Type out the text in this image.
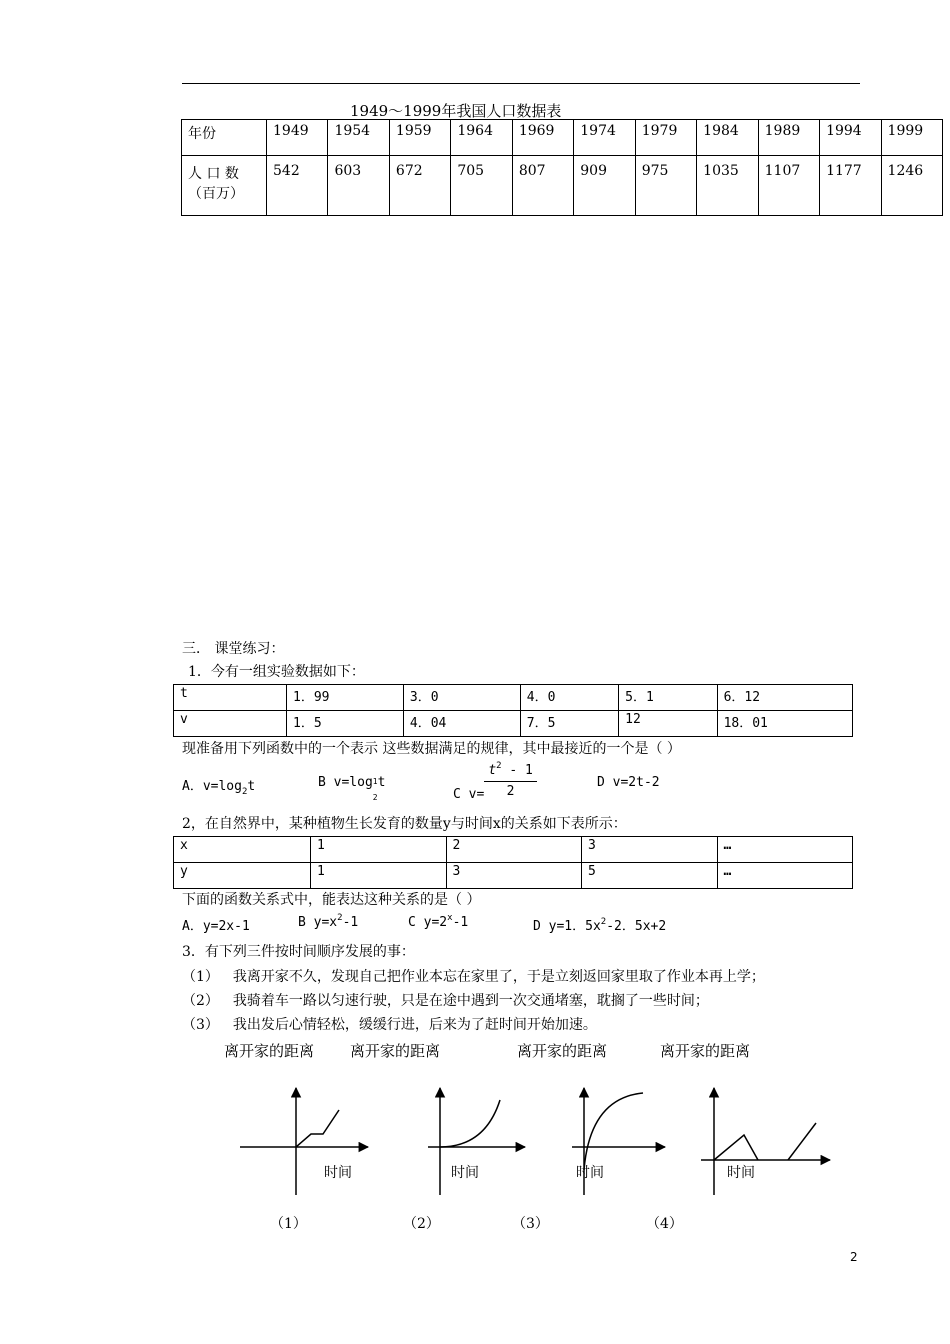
1949～1999年我国人口数据表
年份	1949	1954	1959	1964	1969	1974	1979	1984	1989	1994	1999
人 口 数
（百万）	542	603	672	705	807	909	975	1035	1107	1177	1246
三． 课堂练习：
1．今有一组实验数据如下：
t	1．99	3．0	4．0	5．1	6．12
v	1．5	4．04	7．5	12	18．01
现准备用下列函数中的一个表示 这些数据满足的规律，其中最接近的一个是（ ）
A．$v=\log_2t$	B v=log1
2t
C $v= \frac{t^2 - 1}{2}$	D v=2t-2
2，在自然界中，某种植物生长发育的数量y与时间x的关系如下表所示：
x	1	2	3	…
y	1	3	5	…
下面的函数关系式中，能表达这种关系的是（ ）
A．y=2x-1	B $y=x^2-1$	C $y=2^x-1$	D y=1．$5x^2-2$．5x+2
3．有下列三件按时间顺序发展的事：
（1） 我离开家不久，发现自己把作业本忘在家里了，于是立刻返回家里取了作业本再上学；
（2） 我骑着车一路以匀速行驶，只是在途中遇到一次交通堵塞，耽搁了一些时间；
（3） 我出发后心情轻松，缓缓行进，后来为了赶时间开始加速。
离开家的距离 离开家的距离	离开家的距离	离开家的距离
时间	时间	时间	时间
（1）	（2）	（3）	（4）
2
